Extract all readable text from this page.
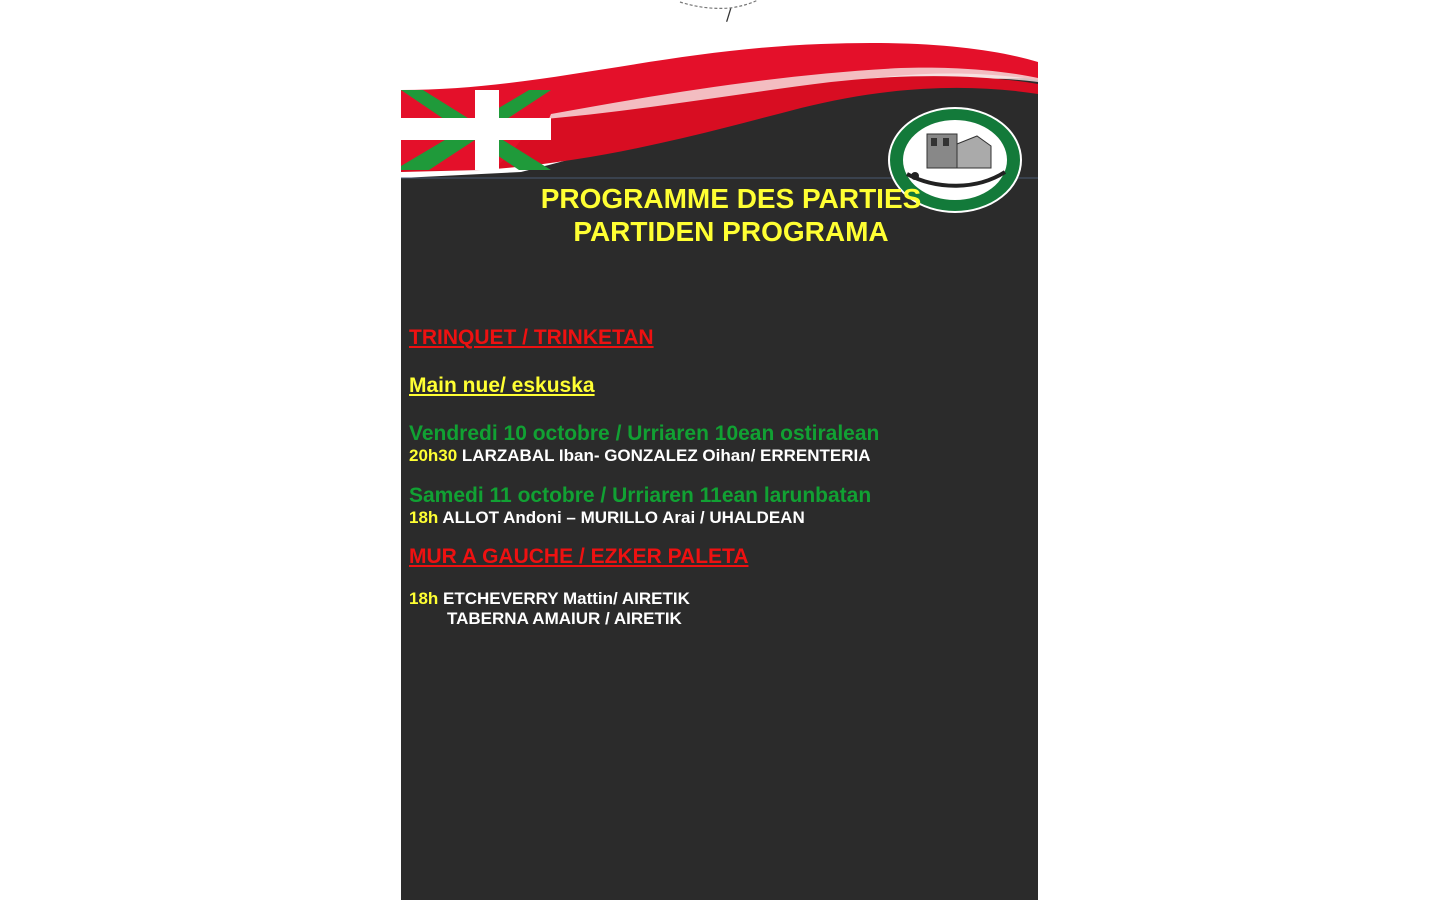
/
PROGRAMME DES PARTIES
PARTIDEN PROGRAMA

TRINQUET / TRINKETAN

Main nue/ eskuska

Vendredi 10 octobre / Urriaren 10ean ostiralean

20h30 LARZABAL Iban- GONZALEZ Oihan/ ERRENTERIA

Samedi 11 octobre / Urriaren 11ean larunbatan

18h ALLOT Andoni – MURILLO Arai / UHALDEAN

MUR A GAUCHE / EZKER PALETA

18h ETCHEVERRY Mattin/ AIRETIK

TABERNA AMAIUR / AIRETIK
